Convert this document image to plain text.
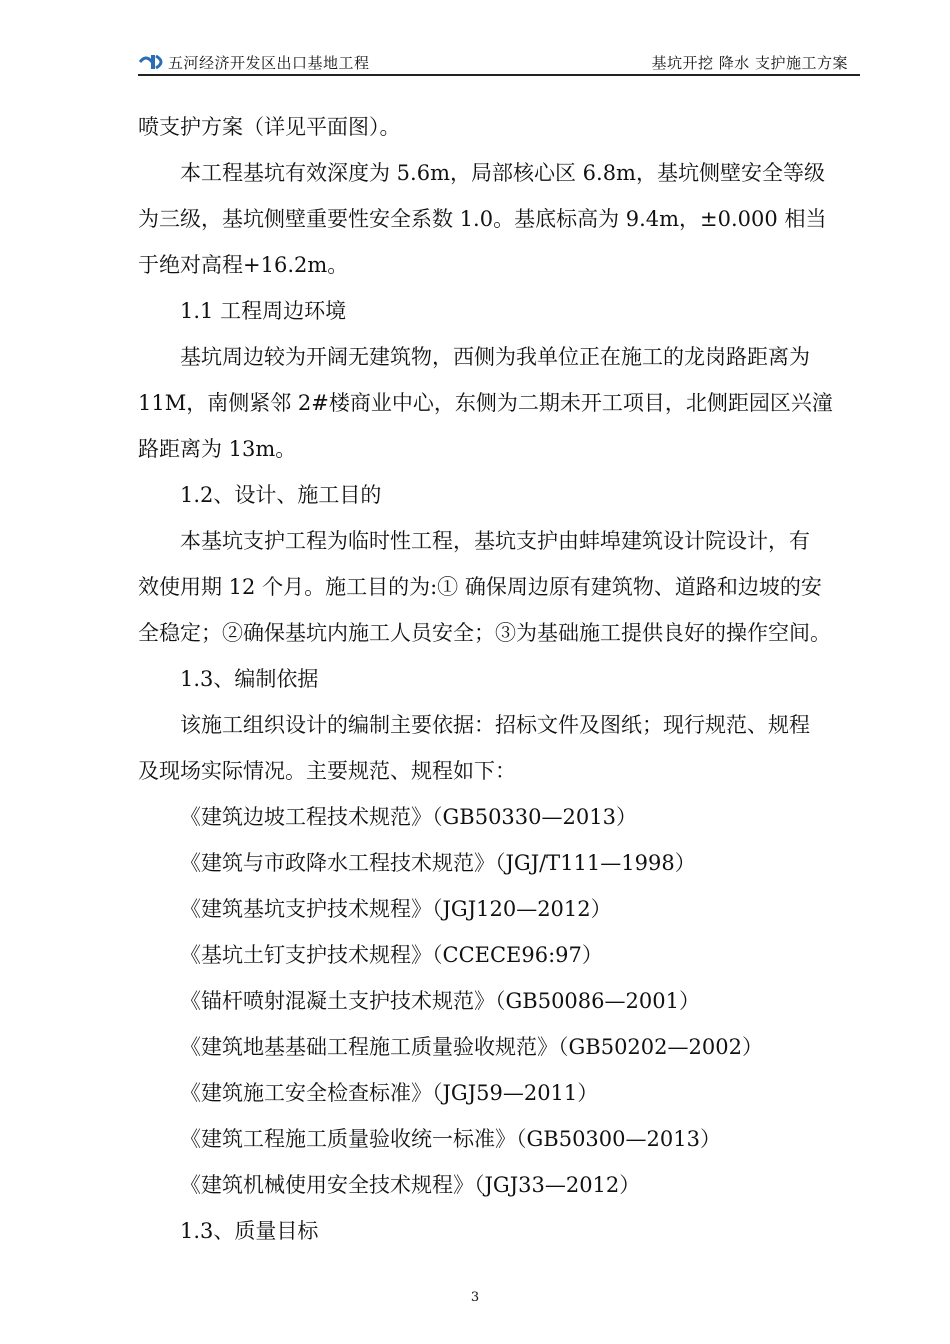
五河经济开发区出口基地工程	基坑开挖 降水 支护施工方案

喷支护方案（详见平面图）。

本工程基坑有效深度为 5.6m，局部核心区 6.8m，基坑侧壁安全等级

为三级，基坑侧壁重要性安全系数 1.0。基底标高为 9.4m，±0.000 相当

于绝对高程+16.2m。

1.1 工程周边环境

基坑周边较为开阔无建筑物，西侧为我单位正在施工的龙岗路距离为

11M，南侧紧邻 2#楼商业中心，东侧为二期未开工项目，北侧距园区兴潼

路距离为 13m。

1.2、设计、施工目的

本基坑支护工程为临时性工程，基坑支护由蚌埠建筑设计院设计，有

效使用期 12 个月。施工目的为:① 确保周边原有建筑物、道路和边坡的安

全稳定；②确保基坑内施工人员安全；③为基础施工提供良好的操作空间。

1.3、编制依据

该施工组织设计的编制主要依据：招标文件及图纸；现行规范、规程

及现场实际情况。主要规范、规程如下：

《建筑边坡工程技术规范》（GB50330—2013）

《建筑与市政降水工程技术规范》（JGJ/T111—1998）

《建筑基坑支护技术规程》（JGJ120—2012）

《基坑土钉支护技术规程》（CCECE96:97）

《锚杆喷射混凝土支护技术规范》（GB50086—2001）

《建筑地基基础工程施工质量验收规范》（GB50202—2002）

《建筑施工安全检查标准》（JGJ59—2011）

《建筑工程施工质量验收统一标准》（GB50300—2013）

《建筑机械使用安全技术规程》（JGJ33—2012）

1.3、质量目标

3
